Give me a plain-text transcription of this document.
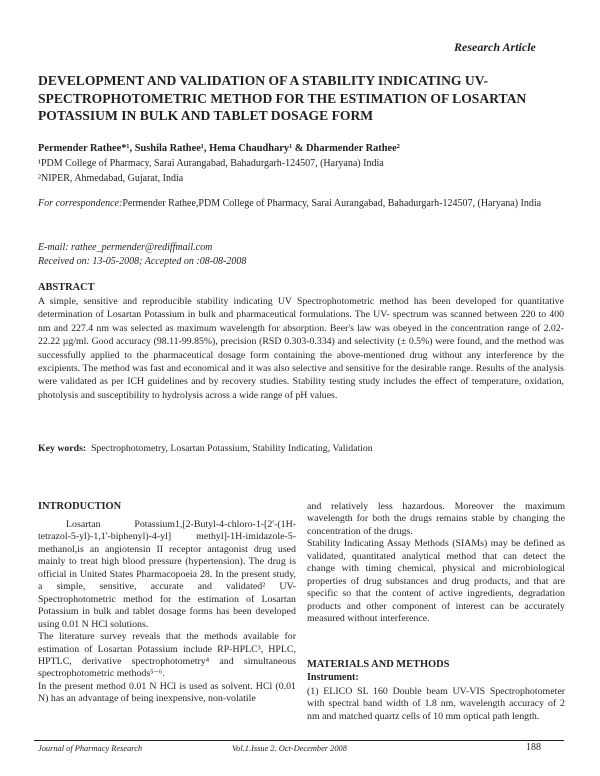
Research Article
DEVELOPMENT AND VALIDATION OF A STABILITY INDICATING UV-SPECTROPHOTOMETRIC METHOD FOR THE ESTIMATION OF LOSARTAN POTASSIUM IN BULK AND TABLET DOSAGE FORM
Permender Rathee*¹, Sushila Rathee¹, Hema Chaudhary¹ & Dharmender Rathee²
¹PDM College of Pharmacy, Sarai Aurangabad, Bahadurgarh-124507, (Haryana) India
²NIPER, Ahmedabad, Gujarat, India
For correspondence:Permender Rathee,PDM College of Pharmacy, Sarai Aurangabad, Bahadurgarh-124507, (Haryana) India
E-mail: rathee_permender@rediffmail.com
Received on: 13-05-2008; Accepted on :08-08-2008
ABSTRACT
A simple, sensitive and reproducible stability indicating UV Spectrophotometric method has been developed for quantitative determination of Losartan Potassium in bulk and pharmaceutical formulations. The UV- spectrum was scanned between 220 to 400 nm and 227.4 nm was selected as maximum wavelength for absorption. Beer's law was obeyed in the concentration range of 2.02-22.22 µg/ml. Good accuracy (98.11-99.85%), precision (RSD 0.303-0.334) and selectivity (± 0.5%) were found, and the method was successfully applied to the pharmaceutical dosage form containing the above-mentioned drug without any interference by the excipients. The method was fast and economical and it was also selective and sensitive for the desirable range. Results of the analysis were validated as per ICH guidelines and by recovery studies. Stability testing study includes the effect of temperature, oxidation, photolysis and susceptibility to hydrolysis across a wide range of pH values.
Key words: Spectrophotometry, Losartan Potassium, Stability Indicating, Validation
INTRODUCTION

Losartan Potassium1,[2-Butyl-4-chloro-1-[2'-(1H-tetrazol-5-yl)-1,1'-biphenyl)-4-yl] methyl]-1H-imidazole-5-methanol,is an angiotensin II receptor antagonist drug used mainly to treat high blood pressure (hypertension). The drug is official in United States Pharmacopoeia 28. In the present study, a simple, sensitive, accurate and validated² UV-Spectrophotometric method for the estimation of Losartan Potassium in bulk and tablet dosage forms has been developed using 0.01 N HCl solutions.

The literature survey reveals that the methods available for estimation of Losartan Potassium include RP-HPLC³, HPLC, HPTLC, derivative spectrophotometry⁴ and simultaneous spectrophotometric methods⁵⁻⁶.

In the present method 0.01 N HCl is used as solvent. HCl (0.01 N) has an advantage of being inexpensive, non-volatile

and relatively less hazardous. Moreover the maximum wavelength for both the drugs remains stable by changing the concentration of the drugs.

Stability Indicating Assay Methods (SIAMs) may be defined as validated, quantitated analytical method that can detect the change with timing chemical, physical and microbiological properties of drug substances and drug products, and that are specific so that the content of active ingredients, degradation products and other component of interest can be accurately measured without interference.

MATERIALS AND METHODS
Instrument:
(1) ELICO SL 160 Double beam UV-VIS Spectrophotometer with spectral band width of 1.8 nm, wavelength accuracy of 2 nm and matched quartz cells of 10 mm optical path length.
Journal of Pharmacy Research	Vol.1.Issue 2. Oct-December 2008	188
